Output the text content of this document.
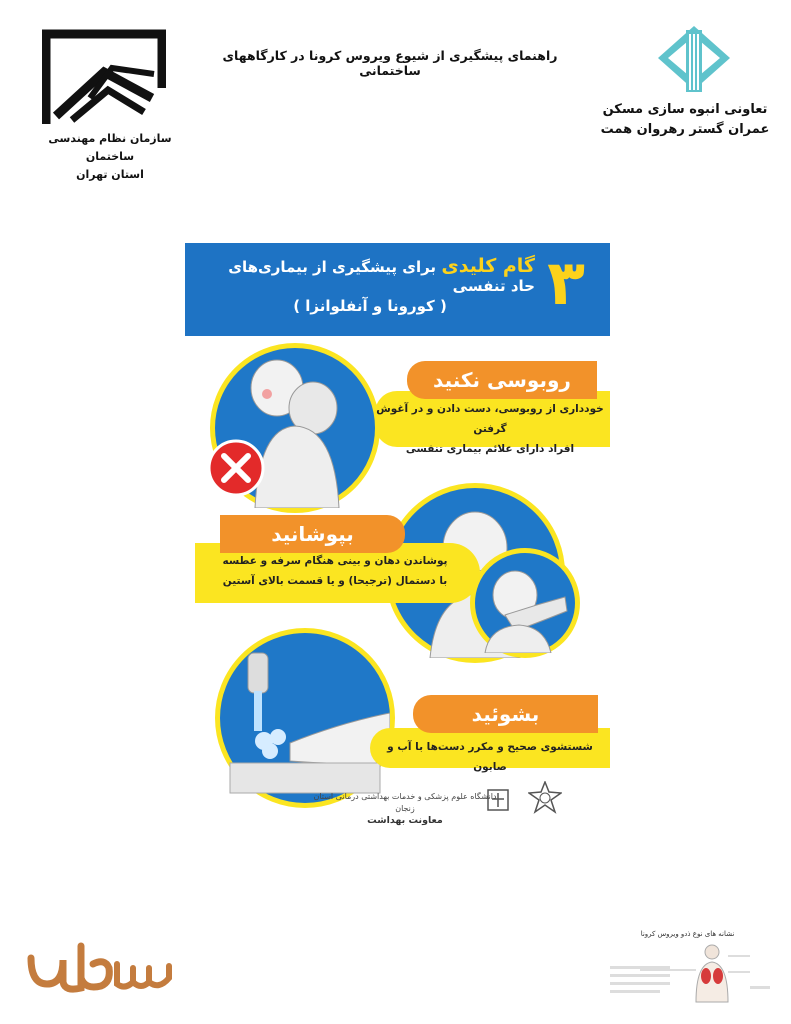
سازمان نظام مهندسی ساختمان
استان تهران
راهنمای پیشگیری از شیوع ویروس کرونا در کارگاههای ساختمانی
تعاونی انبوه سازی مسکن
عمران گستر رهروان همت
۳
گام کلیدی برای پیشگیری از بیماری‌های حاد تنفسی
( کورونا و آنفلوانزا )
روبوسی نکنید
خودداری از روبوسی، دست دادن و در آغوش گرفتن
افراد دارای علائم بیماری تنفسی
بپوشانید
پوشاندن دهان و بینی هنگام سرفه و عطسه
با دستمال (ترجیحا) و یا قسمت بالای آستین
بشوئید
شستشوی صحیح و مکرر دست‌ها با آب و صابون
دانشگاه علوم پزشکی و خدمات بهداشتی درمانی استان زنجان
معاونت بهداشت
نشانه های نوع ذدو ویروس کرونا
